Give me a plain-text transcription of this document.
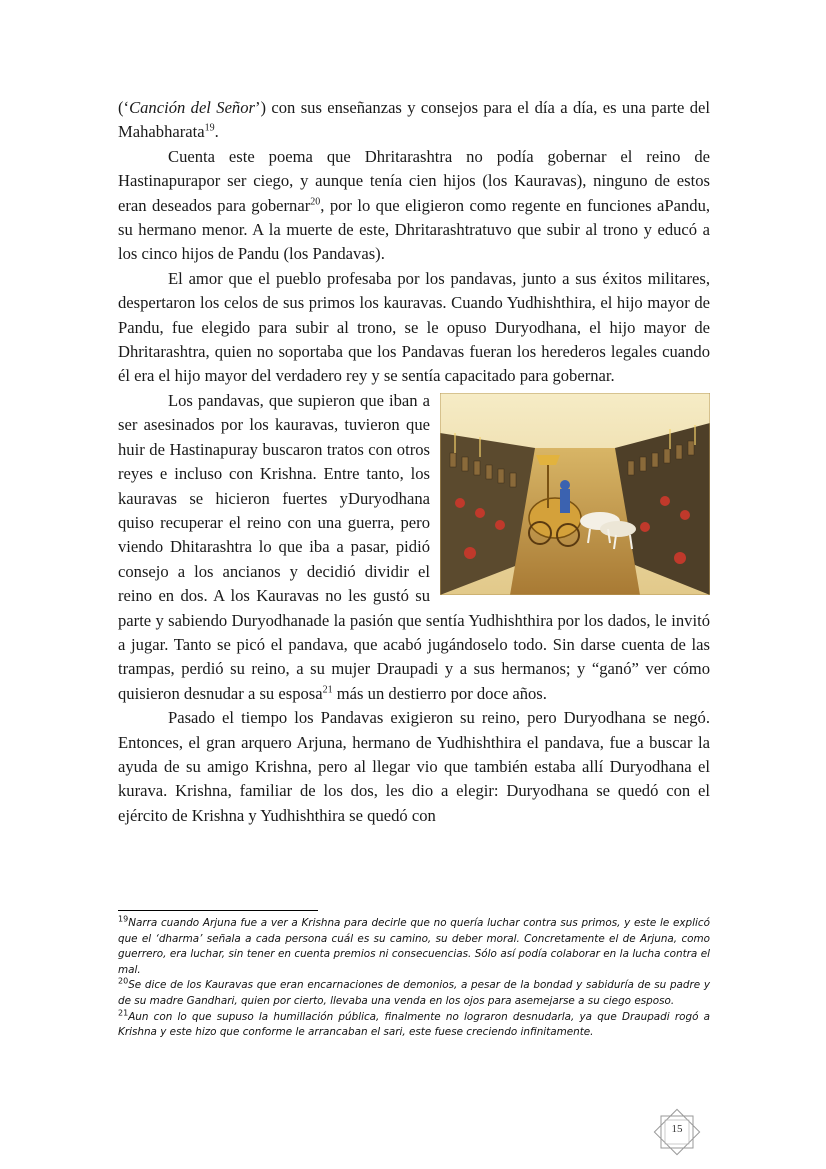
(‘Canción del Señor’) con sus enseñanzas y consejos para el día a día, es una parte del Mahabharata$^{19}$.

Cuenta este poema que Dhritarashtra no podía gobernar el reino de Hastinapurapor ser ciego, y aunque tenía cien hijos (los Kauravas), ninguno de estos eran deseados para gobernar$^{20}$, por lo que eligieron como regente en funciones aPandu, su hermano menor. A la muerte de este, Dhritarashtratuvo que subir al trono y educó a los cinco hijos de Pandu (los Pandavas).

El amor que el pueblo profesaba por los pandavas, junto a sus éxitos militares, despertaron los celos de sus primos los kauravas. Cuando Yudhishthira, el hijo mayor de Pandu, fue elegido para subir al trono, se le opuso Duryodhana, el hijo mayor de Dhritarashtra, quien no soportaba que los Pandavas fueran los herederos legales cuando él era el hijo mayor del verdadero rey y se sentía capacitado para gobernar.

Los pandavas, que supieron que iban a ser asesinados por los kauravas, tuvieron que huir de Hastinapuray buscaron tratos con otros reyes e incluso con Krishna. Entre tanto, los kauravas se hicieron fuertes yDuryodhana quiso recuperar el reino con una guerra, pero viendo Dhitarashtra lo que iba a pasar, pidió consejo a los ancianos y decidió dividir el reino en dos. A los Kauravas no les gustó su parte y sabiendo Duryodhanade la pasión que sentía Yudhishthira por los dados, le invitó a jugar. Tanto se picó el pandava, que acabó jugándoselo todo. Sin darse cuenta de las trampas, perdió su reino, a su mujer Draupadi y a sus hermanos; y “ganó” ver cómo quisieron desnudar a su esposa$^{21}$ más un destierro por doce años.

Pasado el tiempo los Pandavas exigieron su reino, pero Duryodhana se negó. Entonces, el gran arquero Arjuna, hermano de Yudhishthira el pandava, fue a buscar la ayuda de su amigo Krishna, pero al llegar vio que también estaba allí Duryodhana el kurava. Krishna, familiar de los dos, les dio a elegir: Duryodhana se quedó con el ejército de Krishna y Yudhishthira se quedó con

$^{19}$Narra cuando Arjuna fue a ver a Krishna para decirle que no quería luchar contra sus primos, y este le explicó que el ‘dharma’ señala a cada persona cuál es su camino, su deber moral. Concretamente el de Arjuna, como guerrero, era luchar, sin tener en cuenta premios ni consecuencias. Sólo así podía colaborar en la lucha contra el mal.

$^{20}$Se dice de los Kauravas que eran encarnaciones de demonios, a pesar de la bondad y sabiduría de su padre y de su madre Gandhari, quien por cierto, llevaba una venda en los ojos para asemejarse a su ciego esposo.

$^{21}$Aun con lo que supuso la humillación pública, finalmente no lograron desnudarla, ya que Draupadi rogó a Krishna y este hizo que conforme le arrancaban el sari, este fuese creciendo infinitamente.

15
